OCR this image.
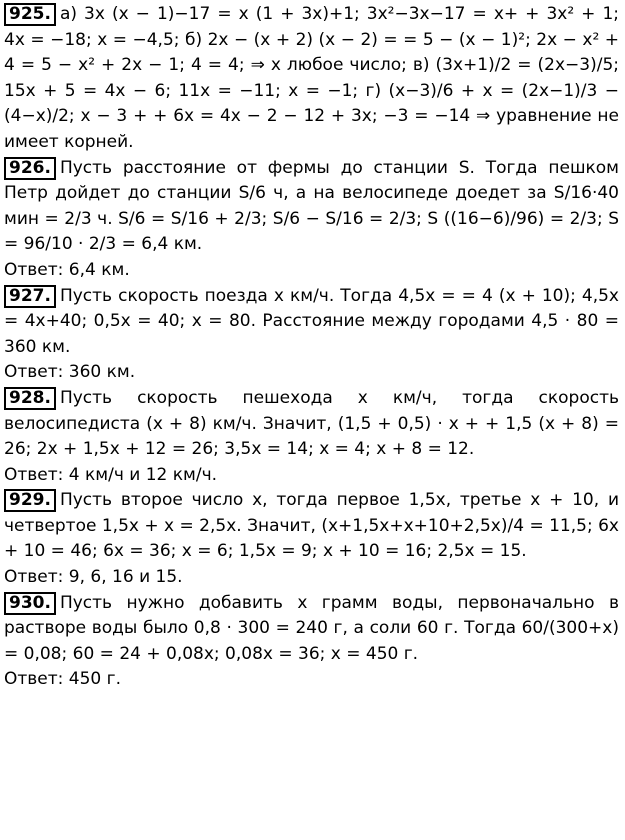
925. а) 3x (x − 1)−17 = x (1 + 3x)+1; 3x²−3x−17 = x+ + 3x² + 1; 4x = −18; x = −4,5; б) 2x − (x + 2) (x − 2) = = 5 − (x − 1)²; 2x − x² + 4 = 5 − x² + 2x − 1; 4 = 4; ⇒ x любое число; в) (3x+1)/2 = (2x−3)/5; 15x + 5 = 4x − 6; 11x = −11; x = −1; г) (x−3)/6 + x = (2x−1)/3 − (4−x)/2; x − 3 + + 6x = 4x − 2 − 12 + 3x; −3 = −14 ⇒ уравнение не имеет корней.
926. Пусть расстояние от фермы до станции S. Тогда пешком Петр дойдет до станции S/6 ч, а на велосипеде доедет за S/16·40 мин = 2/3 ч. S/6 = S/16 + 2/3; S/6 − S/16 = 2/3; S ((16−6)/96) = 2/3; S = 96/10 · 2/3 = 6,4 км.
Ответ: 6,4 км.
927. Пусть скорость поезда x км/ч. Тогда 4,5x = = 4 (x + 10); 4,5x = 4x+40; 0,5x = 40; x = 80. Расстояние между городами 4,5 · 80 = 360 км.
Ответ: 360 км.
928. Пусть скорость пешехода x км/ч, тогда скорость велосипедиста (x + 8) км/ч. Значит, (1,5 + 0,5) · x + + 1,5 (x + 8) = 26; 2x + 1,5x + 12 = 26; 3,5x = 14; x = 4; x + 8 = 12.
Ответ: 4 км/ч и 12 км/ч.
929. Пусть второе число x, тогда первое 1,5x, третье x + 10, и четвертое 1,5x + x = 2,5x. Значит, (x+1,5x+x+10+2,5x)/4 = 11,5; 6x + 10 = 46; 6x = 36; x = 6; 1,5x = 9; x + 10 = 16; 2,5x = 15.
Ответ: 9, 6, 16 и 15.
930. Пусть нужно добавить x грамм воды, первоначально в растворе воды было 0,8 · 300 = 240 г, а соли 60 г. Тогда 60/(300+x) = 0,08; 60 = 24 + 0,08x; 0,08x = 36; x = 450 г.
Ответ: 450 г.
